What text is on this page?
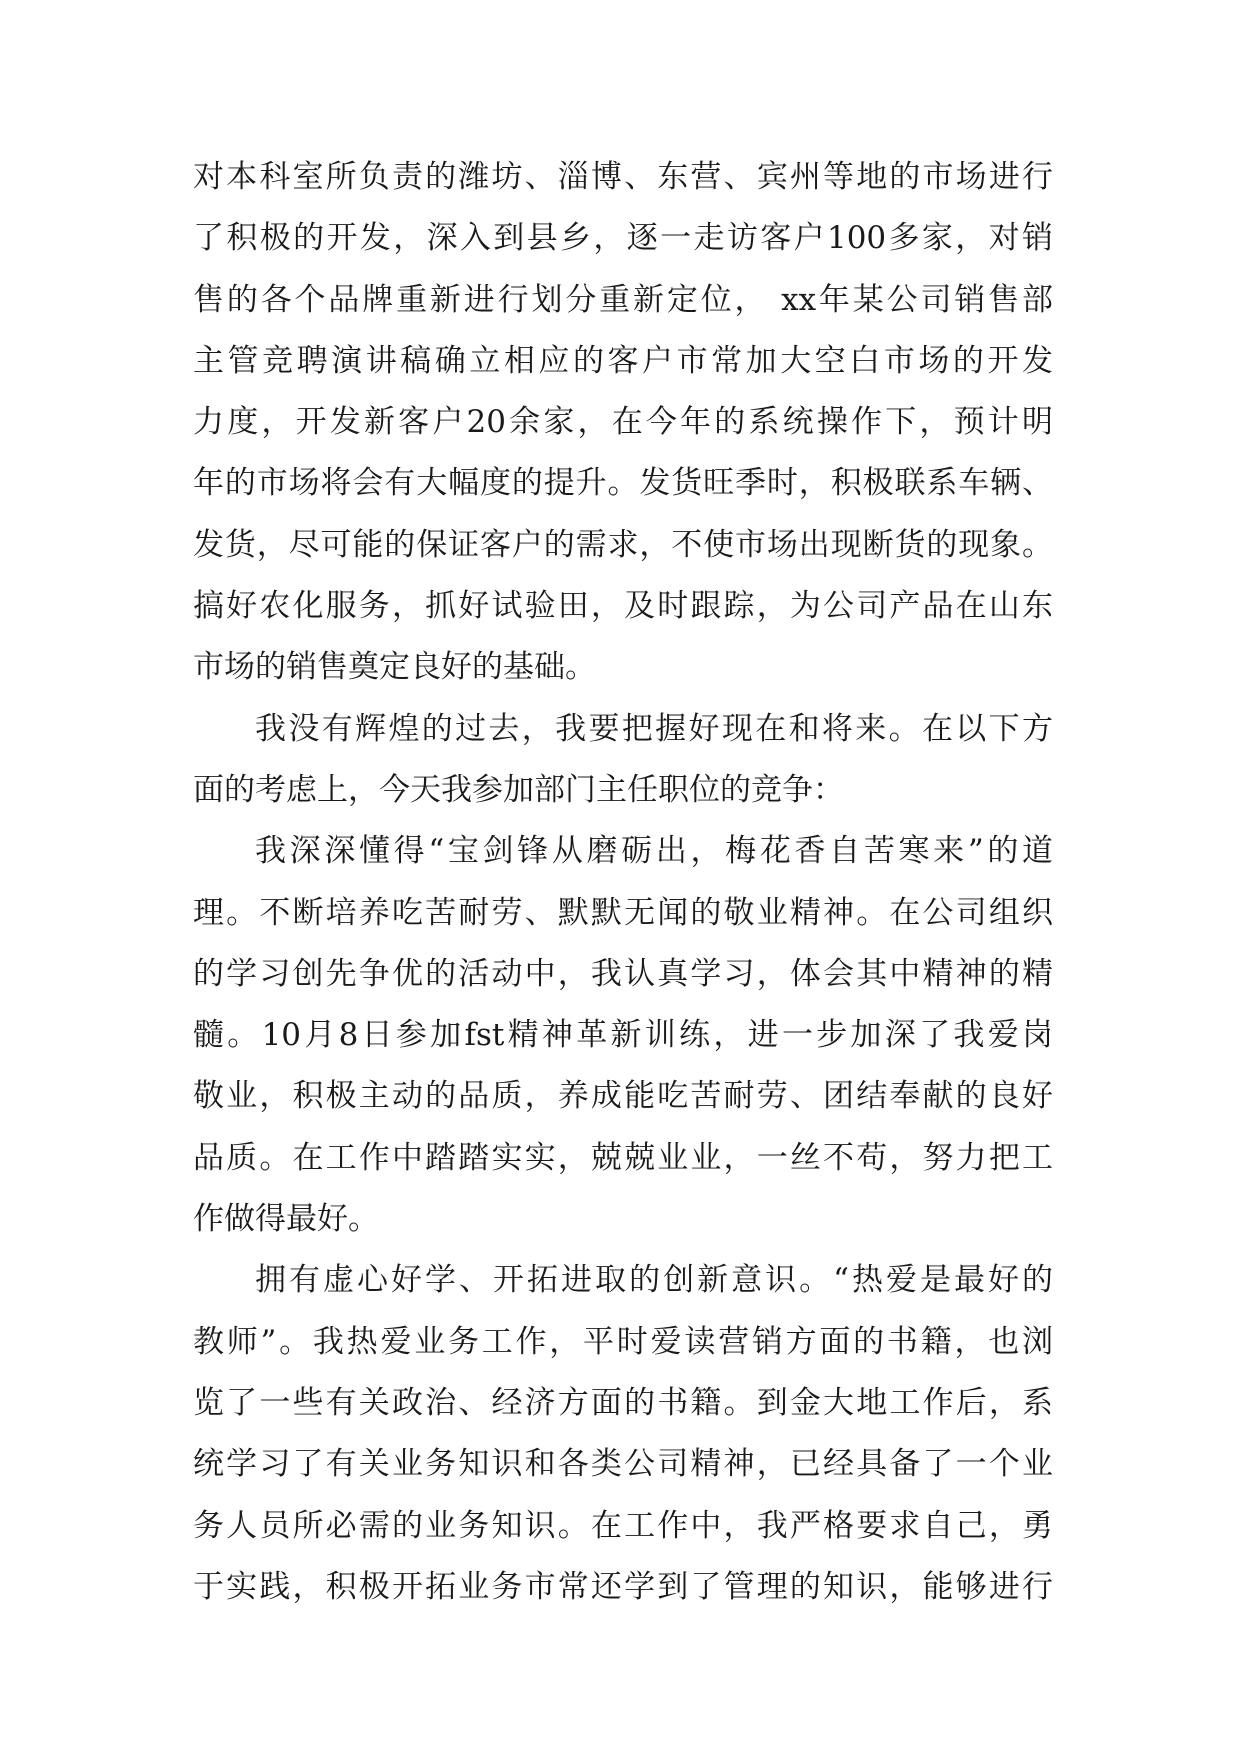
对本科室所负责的潍坊、淄博、东营、宾州等地的市场进行
了积极的开发，深入到县乡，逐一走访客户100多家，对销
售的各个品牌重新进行划分重新定位， xx年某公司销售部
主管竞聘演讲稿确立相应的客户市常加大空白市场的开发
力度，开发新客户20余家，在今年的系统操作下，预计明
年的市场将会有大幅度的提升。发货旺季时，积极联系车辆、
发货，尽可能的保证客户的需求，不使市场出现断货的现象。
搞好农化服务，抓好试验田，及时跟踪，为公司产品在山东
市场的销售奠定良好的基础。
我没有辉煌的过去，我要把握好现在和将来。在以下方
面的考虑上，今天我参加部门主任职位的竞争：
我深深懂得“宝剑锋从磨砺出，梅花香自苦寒来”的道
理。不断培养吃苦耐劳、默默无闻的敬业精神。在公司组织
的学习创先争优的活动中，我认真学习，体会其中精神的精
髓。10月8日参加fst精神革新训练，进一步加深了我爱岗
敬业，积极主动的品质，养成能吃苦耐劳、团结奉献的良好
品质。在工作中踏踏实实，兢兢业业，一丝不苟，努力把工
作做得最好。
拥有虚心好学、开拓进取的创新意识。“热爱是最好的
教师”。我热爱业务工作，平时爱读营销方面的书籍，也浏
览了一些有关政治、经济方面的书籍。到金大地工作后，系
统学习了有关业务知识和各类公司精神，已经具备了一个业
务人员所必需的业务知识。在工作中，我严格要求自己，勇
于实践，积极开拓业务市常还学到了管理的知识，能够进行
